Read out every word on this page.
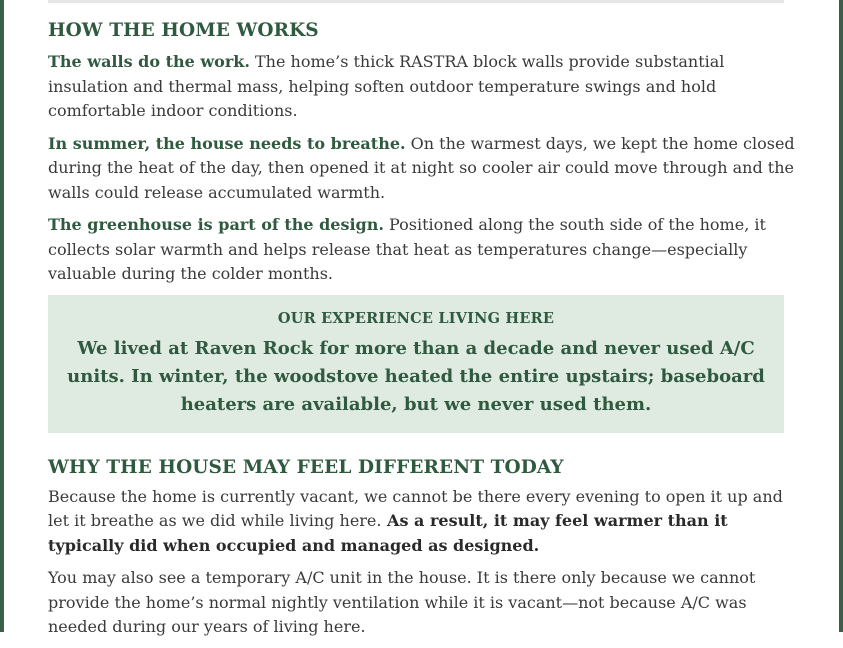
HOW THE HOME WORKS

The walls do the work. The home’s thick RASTRA block walls provide substantial insulation and thermal mass, helping soften outdoor temperature swings and hold comfortable indoor conditions.

In summer, the house needs to breathe. On the warmest days, we kept the home closed during the heat of the day, then opened it at night so cooler air could move through and the walls could release accumulated warmth.

The greenhouse is part of the design. Positioned along the south side of the home, it collects solar warmth and helps release that heat as temperatures change—especially valuable during the colder months.

OUR EXPERIENCE LIVING HERE
We lived at Raven Rock for more than a decade and never used A/C units. In winter, the woodstove heated the entire upstairs; baseboard heaters are available, but we never used them.
WHY THE HOUSE MAY FEEL DIFFERENT TODAY

Because the home is currently vacant, we cannot be there every evening to open it up and let it breathe as we did while living here. As a result, it may feel warmer than it typically did when occupied and managed as designed.

You may also see a temporary A/C unit in the house. It is there only because we cannot provide the home’s normal nightly ventilation while it is vacant—not because A/C was needed during our years of living here.
